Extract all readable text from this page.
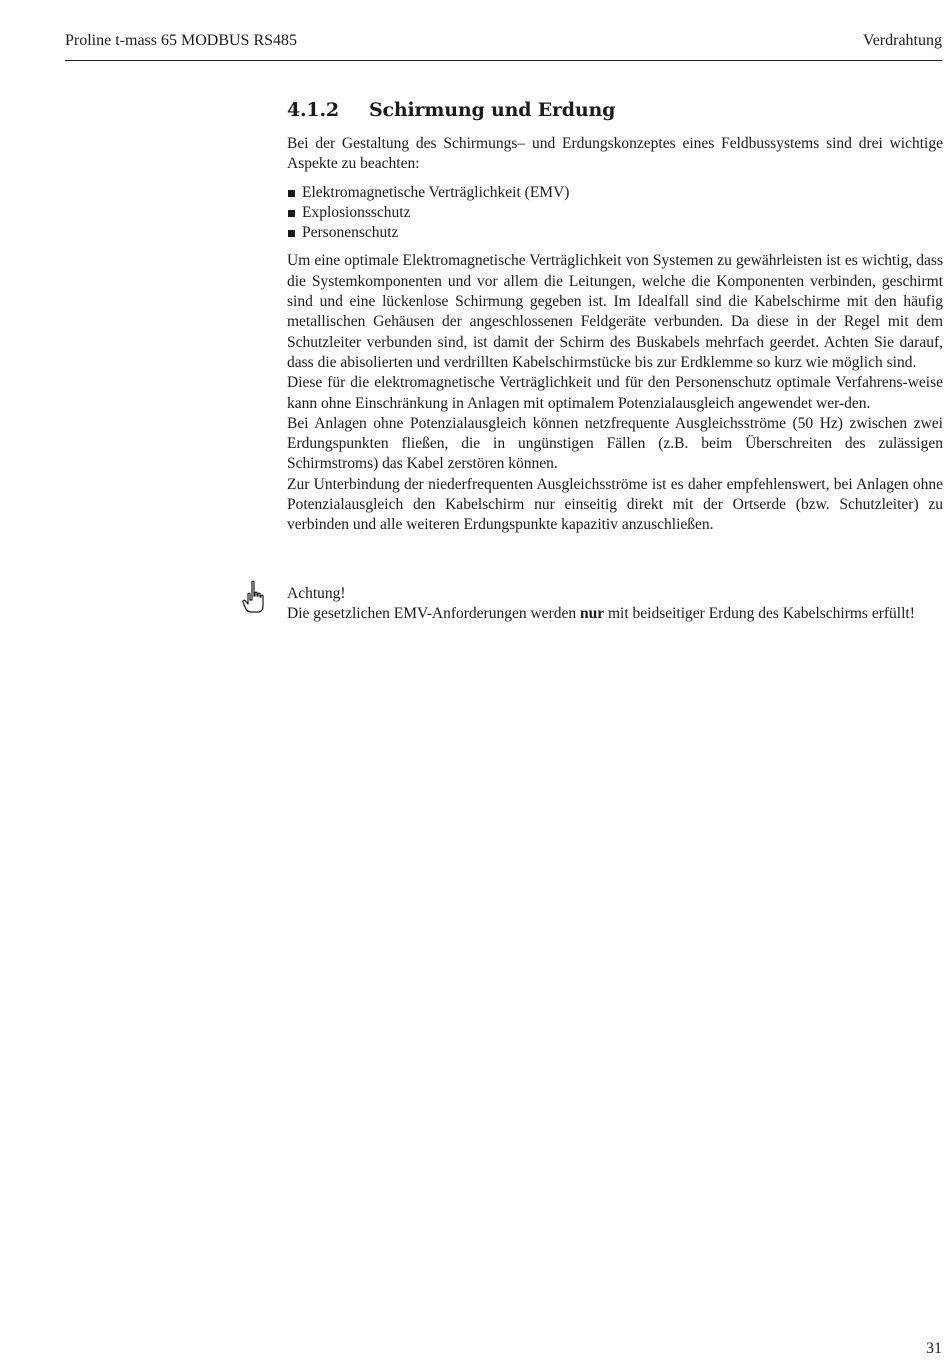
Proline t-mass 65 MODBUS RS485	Verdrahtung
4.1.2 Schirmung und Erdung

Bei der Gestaltung des Schirmungs– und Erdungskonzeptes eines Feldbussystems sind drei wichtige Aspekte zu beachten:

Elektromagnetische Verträglichkeit (EMV)
Explosionsschutz
Personenschutz

Um eine optimale Elektromagnetische Verträglichkeit von Systemen zu gewährleisten ist es wichtig, dass die Systemkomponenten und vor allem die Leitungen, welche die Komponenten verbinden, geschirmt sind und eine lückenlose Schirmung gegeben ist. Im Idealfall sind die Kabelschirme mit den häufig metallischen Gehäusen der angeschlossenen Feldgeräte verbunden. Da diese in der Regel mit dem Schutzleiter verbunden sind, ist damit der Schirm des Buskabels mehrfach geerdet. Achten Sie darauf, dass die abisolierten und verdrillten Kabelschirmstücke bis zur Erdklemme so kurz wie möglich sind.

Diese für die elektromagnetische Verträglichkeit und für den Personenschutz optimale Verfahrens-weise kann ohne Einschränkung in Anlagen mit optimalem Potenzialausgleich angewendet wer-den.

Bei Anlagen ohne Potenzialausgleich können netzfrequente Ausgleichsströme (50 Hz) zwischen zwei Erdungspunkten fließen, die in ungünstigen Fällen (z.B. beim Überschreiten des zulässigen Schirmstroms) das Kabel zerstören können.

Zur Unterbindung der niederfrequenten Ausgleichsströme ist es daher empfehlenswert, bei Anlagen ohne Potenzialausgleich den Kabelschirm nur einseitig direkt mit der Ortserde (bzw. Schutzleiter) zu verbinden und alle weiteren Erdungspunkte kapazitiv anzuschließen.

Achtung!

Die gesetzlichen EMV-Anforderungen werden nur mit beidseitiger Erdung des Kabelschirms erfüllt!

31
